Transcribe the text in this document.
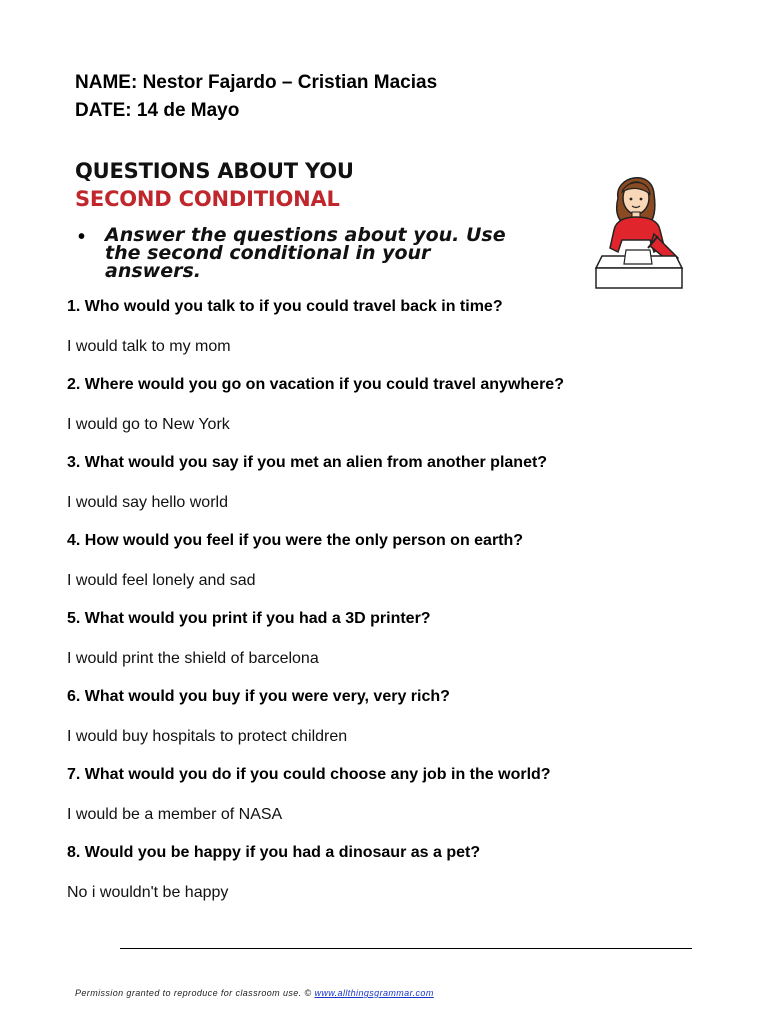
NAME: Nestor Fajardo – Cristian Macias
DATE: 14 de Mayo
QUESTIONS ABOUT YOU
SECOND CONDITIONAL
• Answer the questions about you. Use the second conditional in your answers.
1. Who would you talk to if you could travel back in time?
I would talk to my mom
2. Where would you go on vacation if you could travel anywhere?
I would go to New York
3. What would you say if you met an alien from another planet?
I would say hello world
4. How would you feel if you were the only person on earth?
I would feel lonely and sad
5. What would you print if you had a 3D printer?
I would print the shield of barcelona
6. What would you buy if you were very, very rich?
I would buy hospitals to protect children
7. What would you do if you could choose any job in the world?
I would be a member of NASA
8. Would you be happy if you had a dinosaur as a pet?
No i wouldn't be happy
Permission granted to reproduce for classroom use. © www.allthingsgrammar.com
